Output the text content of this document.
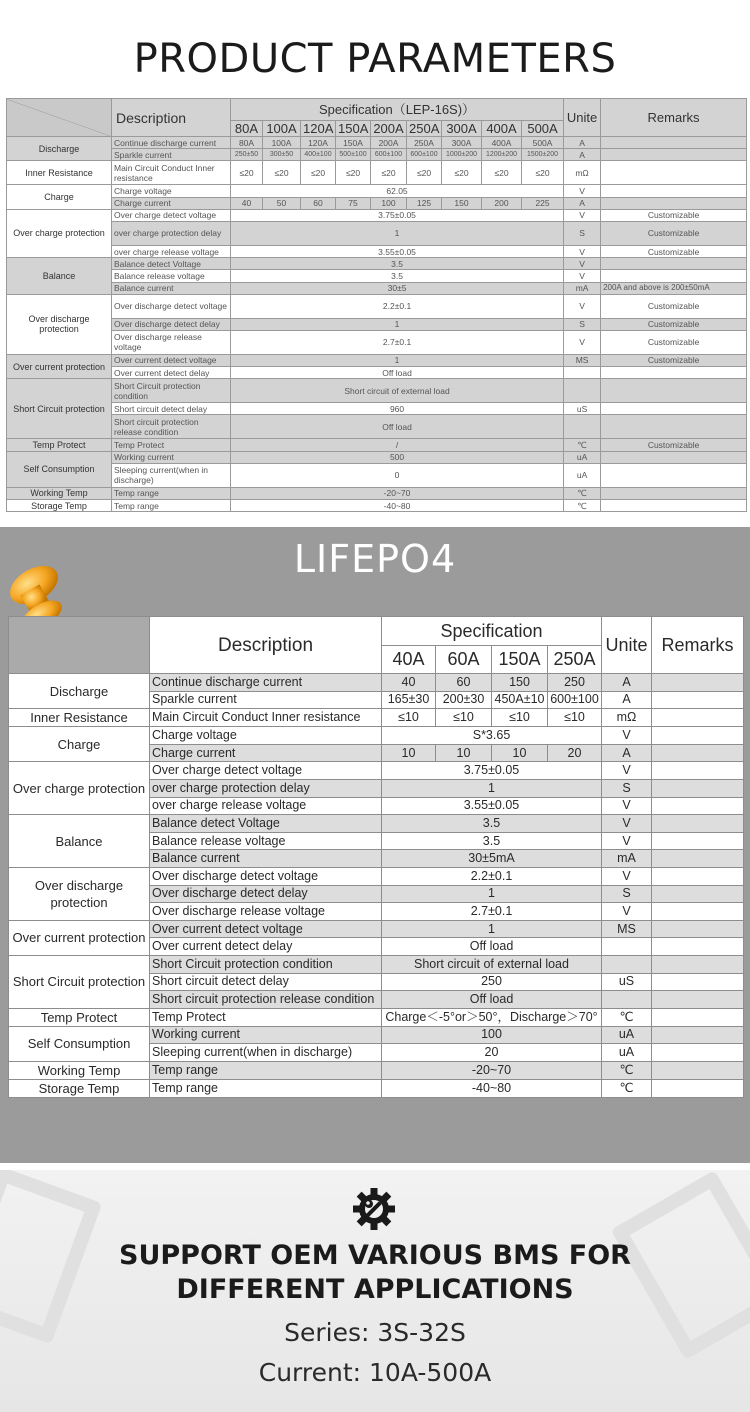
PRODUCT PARAMETERS
	Description	Specification（LEP-16S)）									Unite	Remarks
		80A	100A	120A	150A	200A	250A	300A	400A	500A		
Discharge	Continue discharge current	80A	100A	120A	150A	200A	250A	300A	400A	500A	A	
	Sparkle current	250±50	300±50	400±100	500±100	600±100	600±100	1000±200	1200±200	1500±200	A	
Inner Resistance	Main Circuit Conduct Inner resistance	≤20	≤20	≤20	≤20	≤20	≤20	≤20	≤20	≤20	mΩ	
Charge	Charge voltage	62.05									V	
	Charge current	40	50	60	75	100	125	150	200	225	A	
Over charge protection	Over charge detect voltage	3.75±0.05									V	Customizable
	over charge protection delay	1									S	Customizable
	over charge release voltage	3.55±0.05									V	Customizable
Balance	Balance detect Voltage	3.5									V	
	Balance release voltage	3.5									V	
	Balance current	30±5									mA	200A and above is 200±50mA
Over discharge protection	Over discharge detect voltage	2.2±0.1									V	Customizable
	Over discharge detect delay	1									S	Customizable
	Over discharge release voltage	2.7±0.1									V	Customizable
Over current protection	Over current detect voltage	1									MS	Customizable
	Over current detect delay	Off load										
Short Circuit protection	Short Circuit protection condition	Short circuit of external load										
	Short circuit detect delay	960									uS	
	Short circuit protection release condition	Off load										
Temp Protect	Temp Protect	/									℃	Customizable
Self Consumption	Working current	500									uA	
	Sleeping current(when in discharge)	0									uA	
Working Temp	Temp range	-20~70									℃	
Storage Temp	Temp range	-40~80									℃	
LIFEPO4
	Description	Specification				Unite	Remarks
		40A	60A	150A	250A		
Discharge	Continue discharge current	40	60	150	250	A	
	Sparkle current	165±30	200±30	450A±10	600±100	A	
Inner Resistance	Main Circuit Conduct Inner resistance	≤10	≤10	≤10	≤10	mΩ	
Charge	Charge voltage	S*3.65				V	
	Charge current	10	10	10	20	A	
Over charge protection	Over charge detect voltage	3.75±0.05				V	
	over charge protection delay	1				S	
	over charge release voltage	3.55±0.05				V	
Balance	Balance detect Voltage	3.5				V	
	Balance release voltage	3.5				V	
	Balance current	30±5mA				mA	
Over discharge protection	Over discharge detect voltage	2.2±0.1				V	
	Over discharge detect delay	1				S	
	Over discharge release voltage	2.7±0.1				V	
Over current protection	Over current detect voltage	1				MS	
	Over current detect delay	Off load					
Short Circuit protection	Short Circuit protection condition	Short circuit of external load					
	Short circuit detect delay	250				uS	
	Short circuit protection release condition	Off load					
Temp Protect	Temp Protect	Charge＜-5°or＞50°，Discharge＞70°				℃	
Self Consumption	Working current	100				uA	
	Sleeping current(when in discharge)	20				uA	
Working Temp	Temp range	-20~70				℃	
Storage Temp	Temp range	-40~80				℃	
SUPPORT OEM VARIOUS BMS FOR
DIFFERENT APPLICATIONS
Series: 3S-32S
Current: 10A-500A
